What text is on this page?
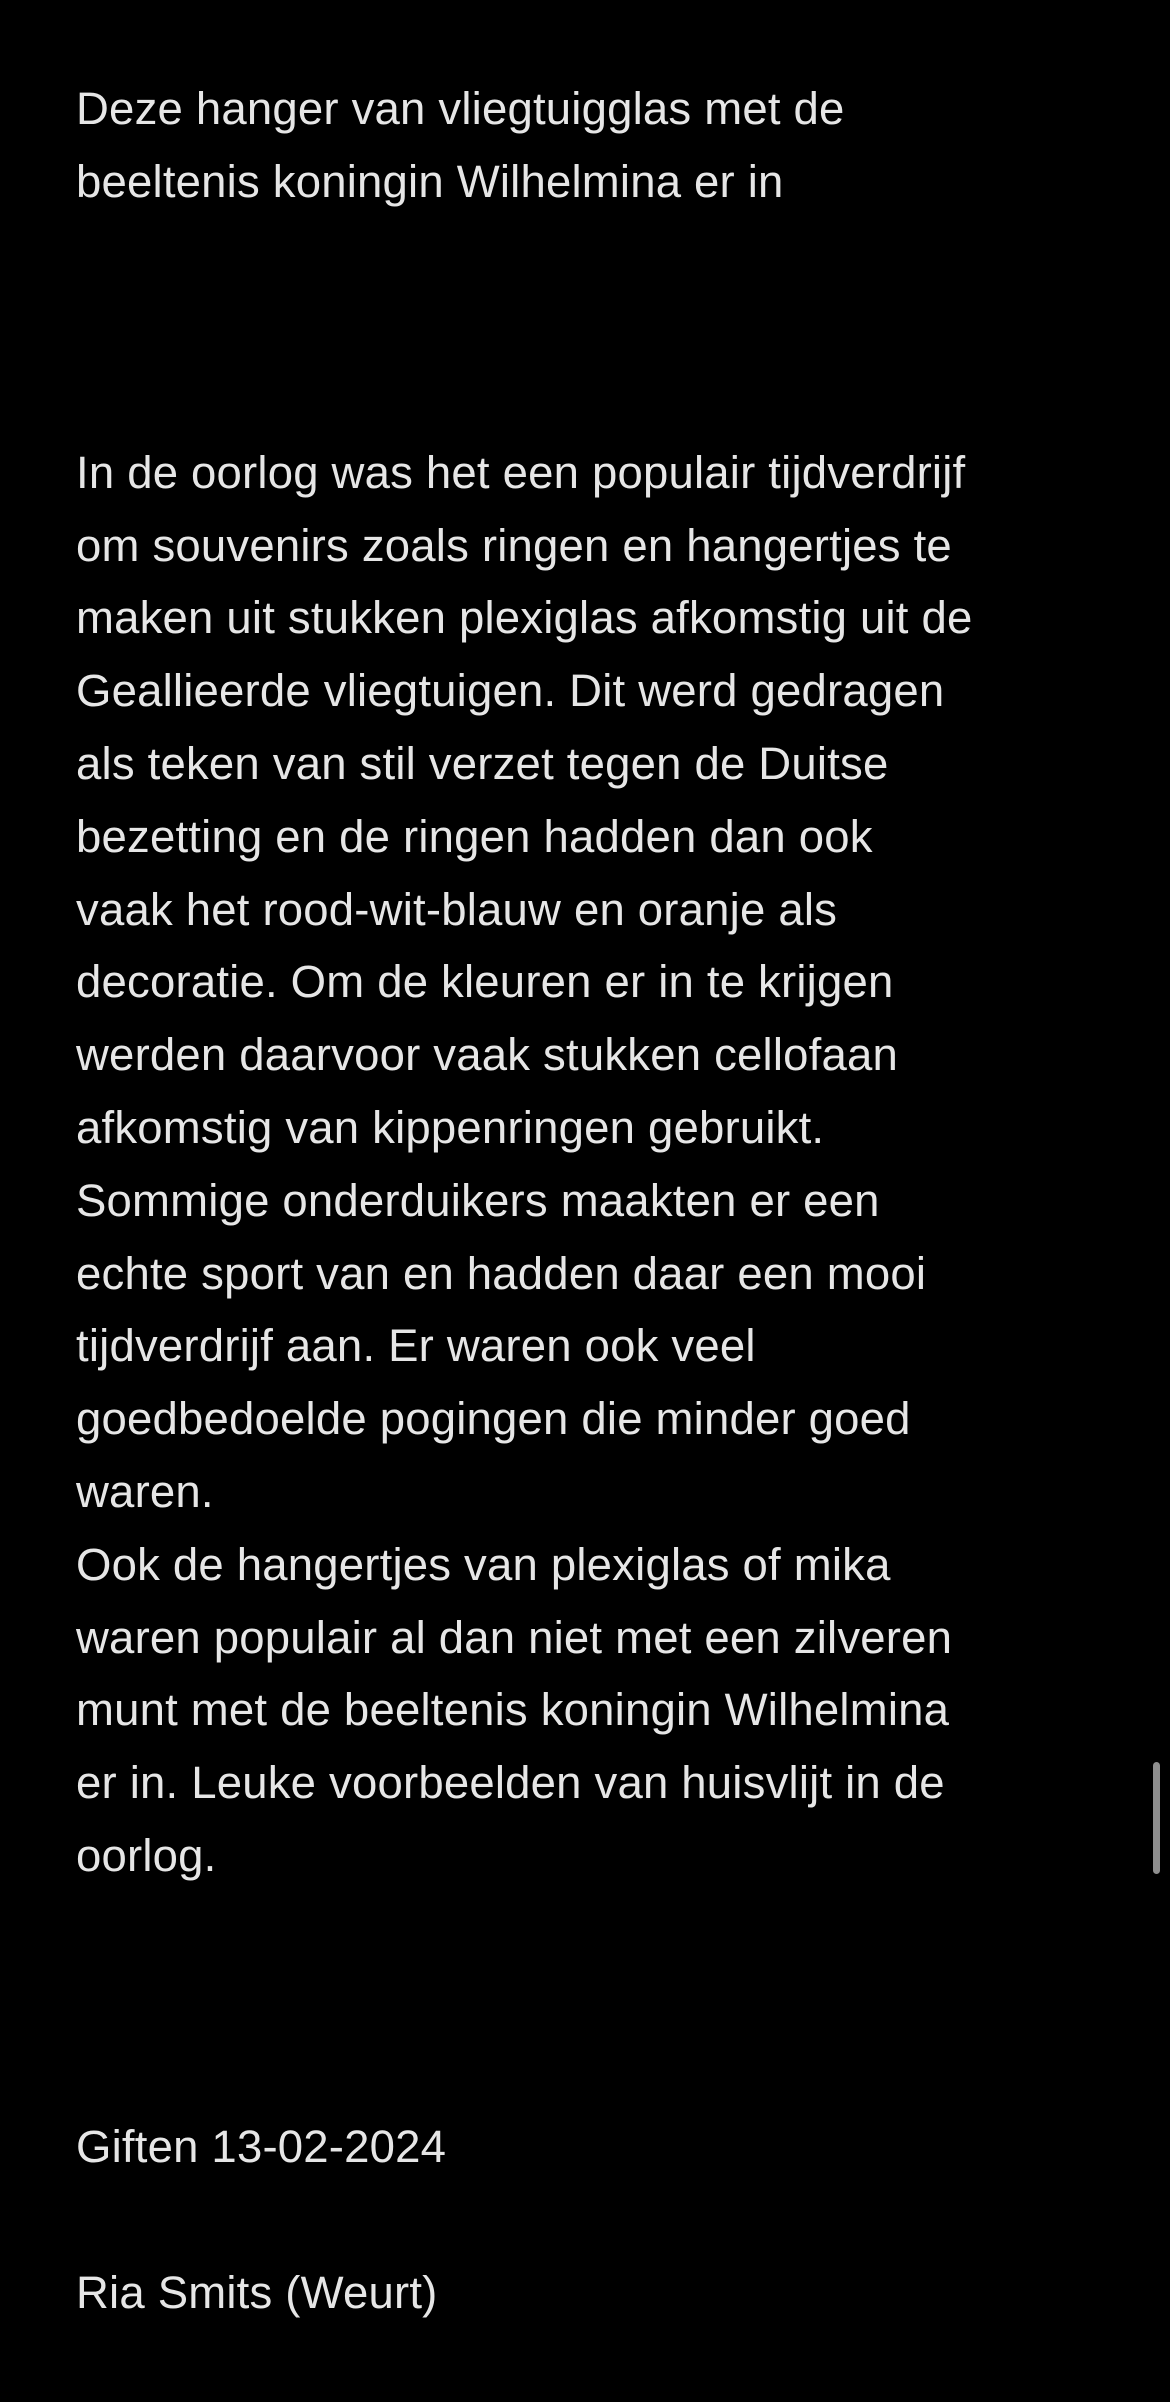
Deze hanger van vliegtuigglas met de
beeltenis koningin Wilhelmina er in

In de oorlog was het een populair tijdverdrijf
om souvenirs zoals ringen en hangertjes te
maken uit stukken plexiglas afkomstig uit de
Geallieerde vliegtuigen. Dit werd gedragen
als teken van stil verzet tegen de Duitse
bezetting en de ringen hadden dan ook
vaak het rood-wit-blauw en oranje als
decoratie. Om de kleuren er in te krijgen
werden daarvoor vaak stukken cellofaan
afkomstig van kippenringen gebruikt.
Sommige onderduikers maakten er een
echte sport van en hadden daar een mooi
tijdverdrijf aan. Er waren ook veel
goedbedoelde pogingen die minder goed
waren.
Ook de hangertjes van plexiglas of mika
waren populair al dan niet met een zilveren
munt met de beeltenis koningin Wilhelmina
er in. Leuke voorbeelden van huisvlijt in de
oorlog.

Giften 13-02-2024

Ria Smits (Weurt)
